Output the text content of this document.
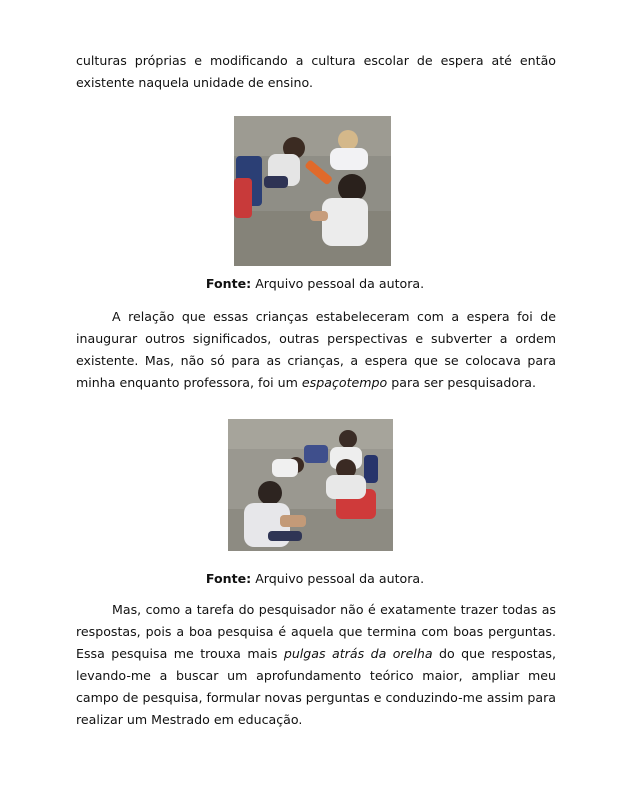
culturas próprias e modificando a cultura escolar de espera até então existente naquela unidade de ensino.

Fonte: Arquivo pessoal da autora.

A relação que essas crianças estabeleceram com a espera foi de inaugurar outros significados, outras perspectivas e subverter a ordem existente. Mas, não só para as crianças, a espera que se colocava para minha enquanto professora, foi um espaçotempo para ser pesquisadora.

Fonte: Arquivo pessoal da autora.

Mas, como a tarefa do pesquisador não é exatamente trazer todas as respostas, pois a boa pesquisa é aquela que termina com boas perguntas. Essa pesquisa me trouxa mais pulgas atrás da orelha do que respostas, levando-me a buscar um aprofundamento teórico maior, ampliar meu campo de pesquisa, formular novas perguntas e conduzindo-me assim para realizar um Mestrado em educação.
